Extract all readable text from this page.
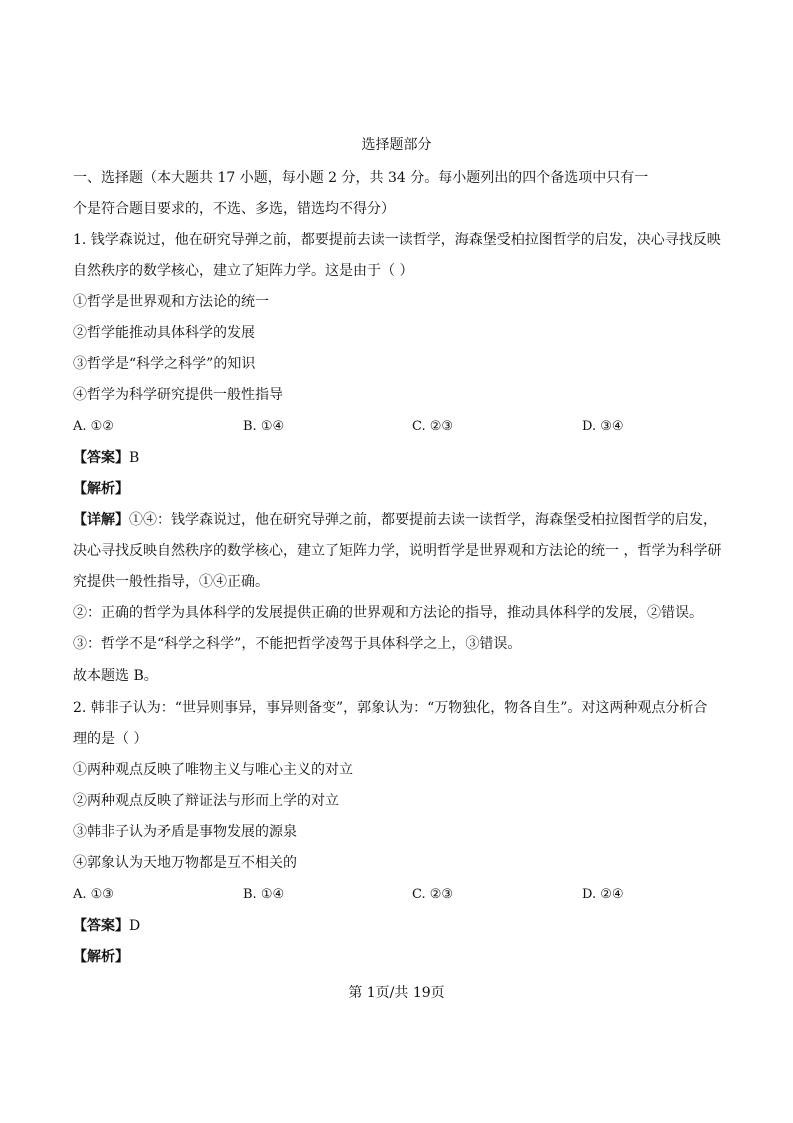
选择题部分
一、选择题（本大题共 17 小题，每小题 2 分，共 34 分。每小题列出的四个备选项中只有一
个是符合题目要求的，不选、多选，错选均不得分）
1. 钱学森说过，他在研究导弹之前，都要提前去读一读哲学，海森堡受柏拉图哲学的启发，决心寻找反映
自然秩序的数学核心，建立了矩阵力学。这是由于（ ）
①哲学是世界观和方法论的统一
②哲学能推动具体科学的发展
③哲学是“科学之科学”的知识
④哲学为科学研究提供一般性指导
A. ①②	B. ①④	C. ②③	D. ③④
【答案】B
【解析】
【详解】①④：钱学森说过，他在研究导弹之前，都要提前去读一读哲学，海森堡受柏拉图哲学的启发，
决心寻找反映自然秩序的数学核心，建立了矩阵力学，说明哲学是世界观和方法论的统一 ，哲学为科学研
究提供一般性指导，①④正确。
②：正确的哲学为具体科学的发展提供正确的世界观和方法论的指导，推动具体科学的发展，②错误。
③：哲学不是“科学之科学”，不能把哲学凌驾于具体科学之上，③错误。
故本题选 B。
2. 韩非子认为：“世异则事异，事异则备变”，郭象认为：“万物独化，物各自生”。对这两种观点分析合
理的是（ ）
①两种观点反映了唯物主义与唯心主义的对立
②两种观点反映了辩证法与形而上学的对立
③韩非子认为矛盾是事物发展的源泉
④郭象认为天地万物都是互不相关的
A. ①③	B. ①④	C. ②③	D. ②④
【答案】D
【解析】
第 1页/共 19页
